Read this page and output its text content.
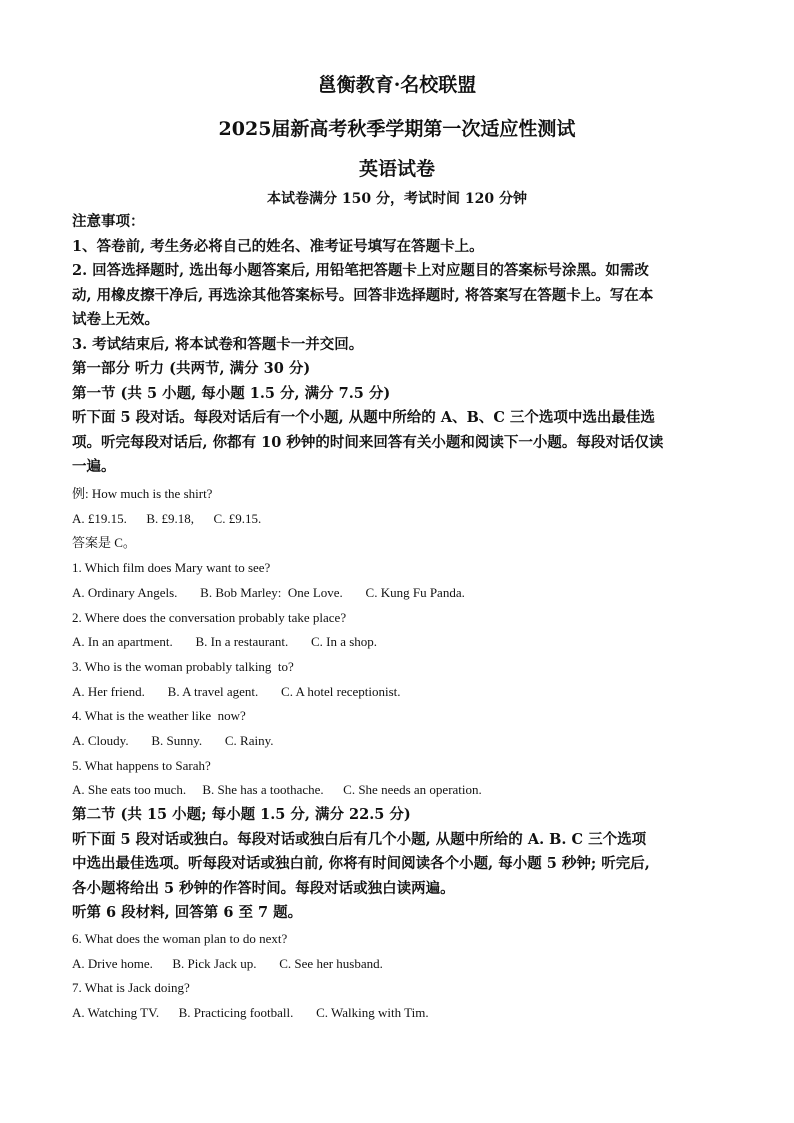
邕衡教育·名校联盟
2025届新高考秋季学期第一次适应性测试
英语试卷
本试卷满分 150 分，考试时间 120 分钟
注意事项：
1、答卷前, 考生务必将自己的姓名、准考证号填写在答题卡上。
2. 回答选择题时, 选出每小题答案后, 用铅笔把答题卡上对应题目的答案标号涂黑。如需改
动, 用橡皮擦干净后, 再选涂其他答案标号。回答非选择题时, 将答案写在答题卡上。写在本
试卷上无效。
3. 考试结束后, 将本试卷和答题卡一并交回。
第一部分 听力 (共两节, 满分 30 分)
第一节 (共 5 小题, 每小题 1.5 分, 满分 7.5 分)
听下面 5 段对话。每段对话后有一个小题, 从题中所给的 A、B、C 三个选项中选出最佳选
项。听完每段对话后, 你都有 10 秒钟的时间来回答有关小题和阅读下一小题。每段对话仅读
一遍。
例: How much is the shirt?
A. £19.15.      B. £9.18,      C. £9.15.
答案是 C。
1. Which film does Mary want to see?
A. Ordinary Angels.       B. Bob Marley:  One Love.       C. Kung Fu Panda.
2. Where does the conversation probably take place?
A. In an apartment.       B. In a restaurant.       C. In a shop.
3. Who is the woman probably talking  to?
A. Her friend.       B. A travel agent.       C. A hotel receptionist.
4. What is the weather like  now?
A. Cloudy.       B. Sunny.       C. Rainy.
5. What happens to Sarah?
A. She eats too much.     B. She has a toothache.      C. She needs an operation.
第二节 (共 15 小题; 每小题 1.5 分, 满分 22.5 分)
听下面 5 段对话或独白。每段对话或独白后有几个小题, 从题中所给的 A. B. C 三个选项
中选出最佳选项。听每段对话或独白前, 你将有时间阅读各个小题, 每小题 5 秒钟; 听完后,
各小题将给出 5 秒钟的作答时间。每段对话或独白读两遍。
听第 6 段材料, 回答第 6 至 7 题。
6. What does the woman plan to do next?
A. Drive home.      B. Pick Jack up.       C. See her husband.
7. What is Jack doing?
A. Watching TV.      B. Practicing football.       C. Walking with Tim.
